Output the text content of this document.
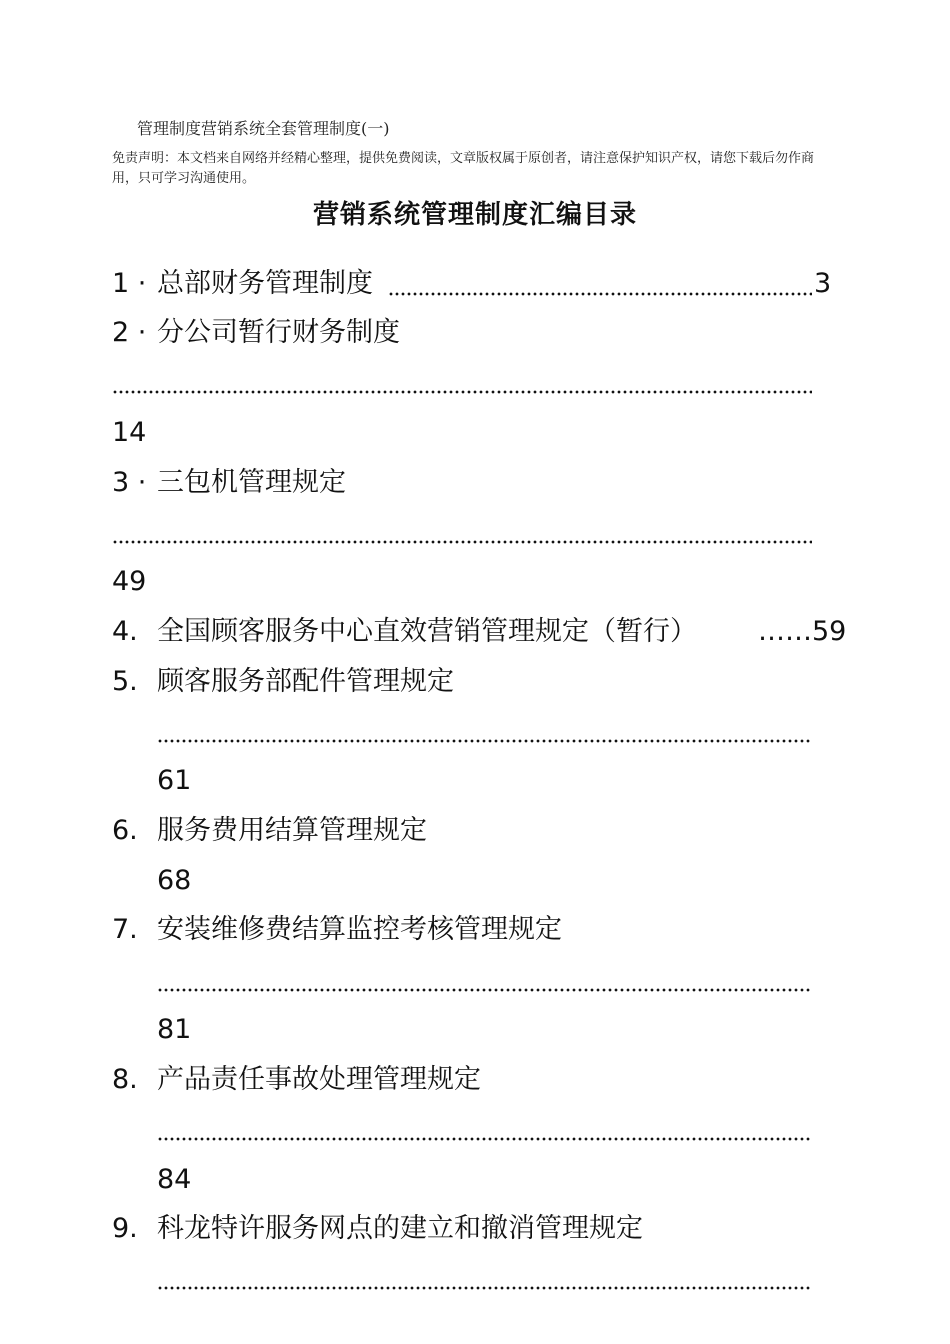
管理制度营销系统全套管理制度(一)
免责声明：本文档来自网络并经精心整理，提供免费阅读，文章版权属于原创者，请注意保护知识产权，请您下载后勿作商用，只可学习沟通使用。
营销系统管理制度汇编目录
1 · 总部财务管理制度	3
2 · 分公司暂行财务制度
14
3 · 三包机管理规定
49
4. 全国顾客服务中心直效营销管理规定（暂行） ……59
5. 顾客服务部配件管理规定
61
6. 服务费用结算管理规定
68
7. 安装维修费结算监控考核管理规定
81
8. 产品责任事故处理管理规定
84
9. 科龙特许服务网点的建立和撤消管理规定
